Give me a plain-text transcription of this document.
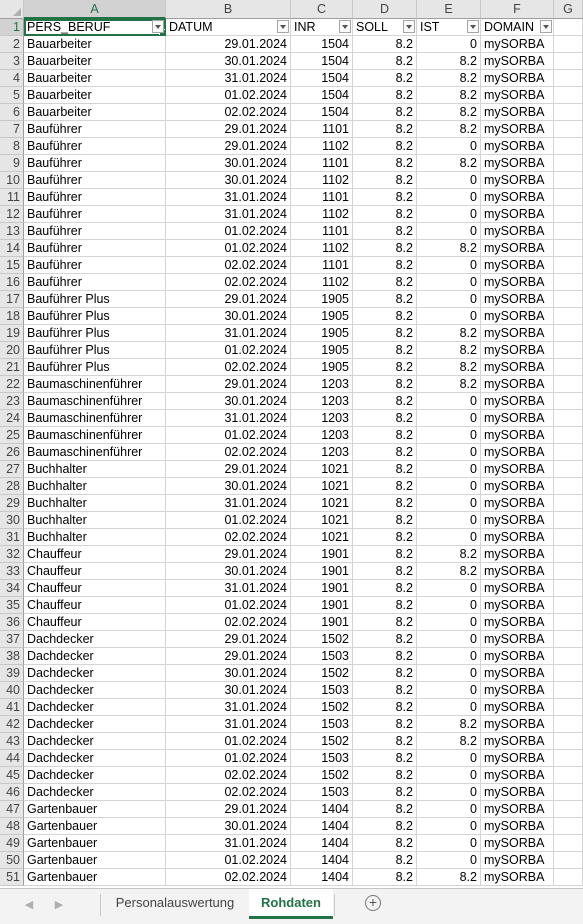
A	B	C	D	E	F	G
1 PERS_BERUF	DATUM	INR	SOLL	IST	DOMAIN
2 Bauarbeiter	29.01.2024	1504	8.2	0 mySORBA
3 Bauarbeiter	30.01.2024	1504	8.2	8.2 mySORBA
4 Bauarbeiter	31.01.2024	1504	8.2	8.2 mySORBA
5 Bauarbeiter	01.02.2024	1504	8.2	8.2 mySORBA
6 Bauarbeiter	02.02.2024	1504	8.2	8.2 mySORBA
7 Bauführer	29.01.2024	1101	8.2	8.2 mySORBA
8 Bauführer	29.01.2024	1102	8.2	0 mySORBA
9 Bauführer	30.01.2024	1101	8.2	8.2 mySORBA
10 Bauführer	30.01.2024	1102	8.2	0 mySORBA
11 Bauführer	31.01.2024	1101	8.2	0 mySORBA
12 Bauführer	31.01.2024	1102	8.2	0 mySORBA
13 Bauführer	01.02.2024	1101	8.2	0 mySORBA
14 Bauführer	01.02.2024	1102	8.2	8.2 mySORBA
15 Bauführer	02.02.2024	1101	8.2	0 mySORBA
16 Bauführer	02.02.2024	1102	8.2	0 mySORBA
17 Bauführer Plus	29.01.2024	1905	8.2	0 mySORBA
18 Bauführer Plus	30.01.2024	1905	8.2	0 mySORBA
19 Bauführer Plus	31.01.2024	1905	8.2	8.2 mySORBA
20 Bauführer Plus	01.02.2024	1905	8.2	8.2 mySORBA
21 Bauführer Plus	02.02.2024	1905	8.2	8.2 mySORBA
22 Baumaschinenführer	29.01.2024	1203	8.2	8.2 mySORBA
23 Baumaschinenführer	30.01.2024	1203	8.2	0 mySORBA
24 Baumaschinenführer	31.01.2024	1203	8.2	0 mySORBA
25 Baumaschinenführer	01.02.2024	1203	8.2	0 mySORBA
26 Baumaschinenführer	02.02.2024	1203	8.2	0 mySORBA
27 Buchhalter	29.01.2024	1021	8.2	0 mySORBA
28 Buchhalter	30.01.2024	1021	8.2	0 mySORBA
29 Buchhalter	31.01.2024	1021	8.2	0 mySORBA
30 Buchhalter	01.02.2024	1021	8.2	0 mySORBA
31 Buchhalter	02.02.2024	1021	8.2	0 mySORBA
32 Chauffeur	29.01.2024	1901	8.2	8.2 mySORBA
33 Chauffeur	30.01.2024	1901	8.2	8.2 mySORBA
34 Chauffeur	31.01.2024	1901	8.2	0 mySORBA
35 Chauffeur	01.02.2024	1901	8.2	0 mySORBA
36 Chauffeur	02.02.2024	1901	8.2	0 mySORBA
37 Dachdecker	29.01.2024	1502	8.2	0 mySORBA
38 Dachdecker	29.01.2024	1503	8.2	0 mySORBA
39 Dachdecker	30.01.2024	1502	8.2	0 mySORBA
40 Dachdecker	30.01.2024	1503	8.2	0 mySORBA
41 Dachdecker	31.01.2024	1502	8.2	0 mySORBA
42 Dachdecker	31.01.2024	1503	8.2	8.2 mySORBA
43 Dachdecker	01.02.2024	1502	8.2	8.2 mySORBA
44 Dachdecker	01.02.2024	1503	8.2	0 mySORBA
45 Dachdecker	02.02.2024	1502	8.2	0 mySORBA
46 Dachdecker	02.02.2024	1503	8.2	0 mySORBA
47 Gartenbauer	29.01.2024	1404	8.2	0 mySORBA
48 Gartenbauer	30.01.2024	1404	8.2	0 mySORBA
49 Gartenbauer	31.01.2024	1404	8.2	0 mySORBA
50 Gartenbauer	01.02.2024	1404	8.2	0 mySORBA
51 Gartenbauer	02.02.2024	1404	8.2	8.2 mySORBA
◀ ▶	Personalauswertung	Rohdaten	+
